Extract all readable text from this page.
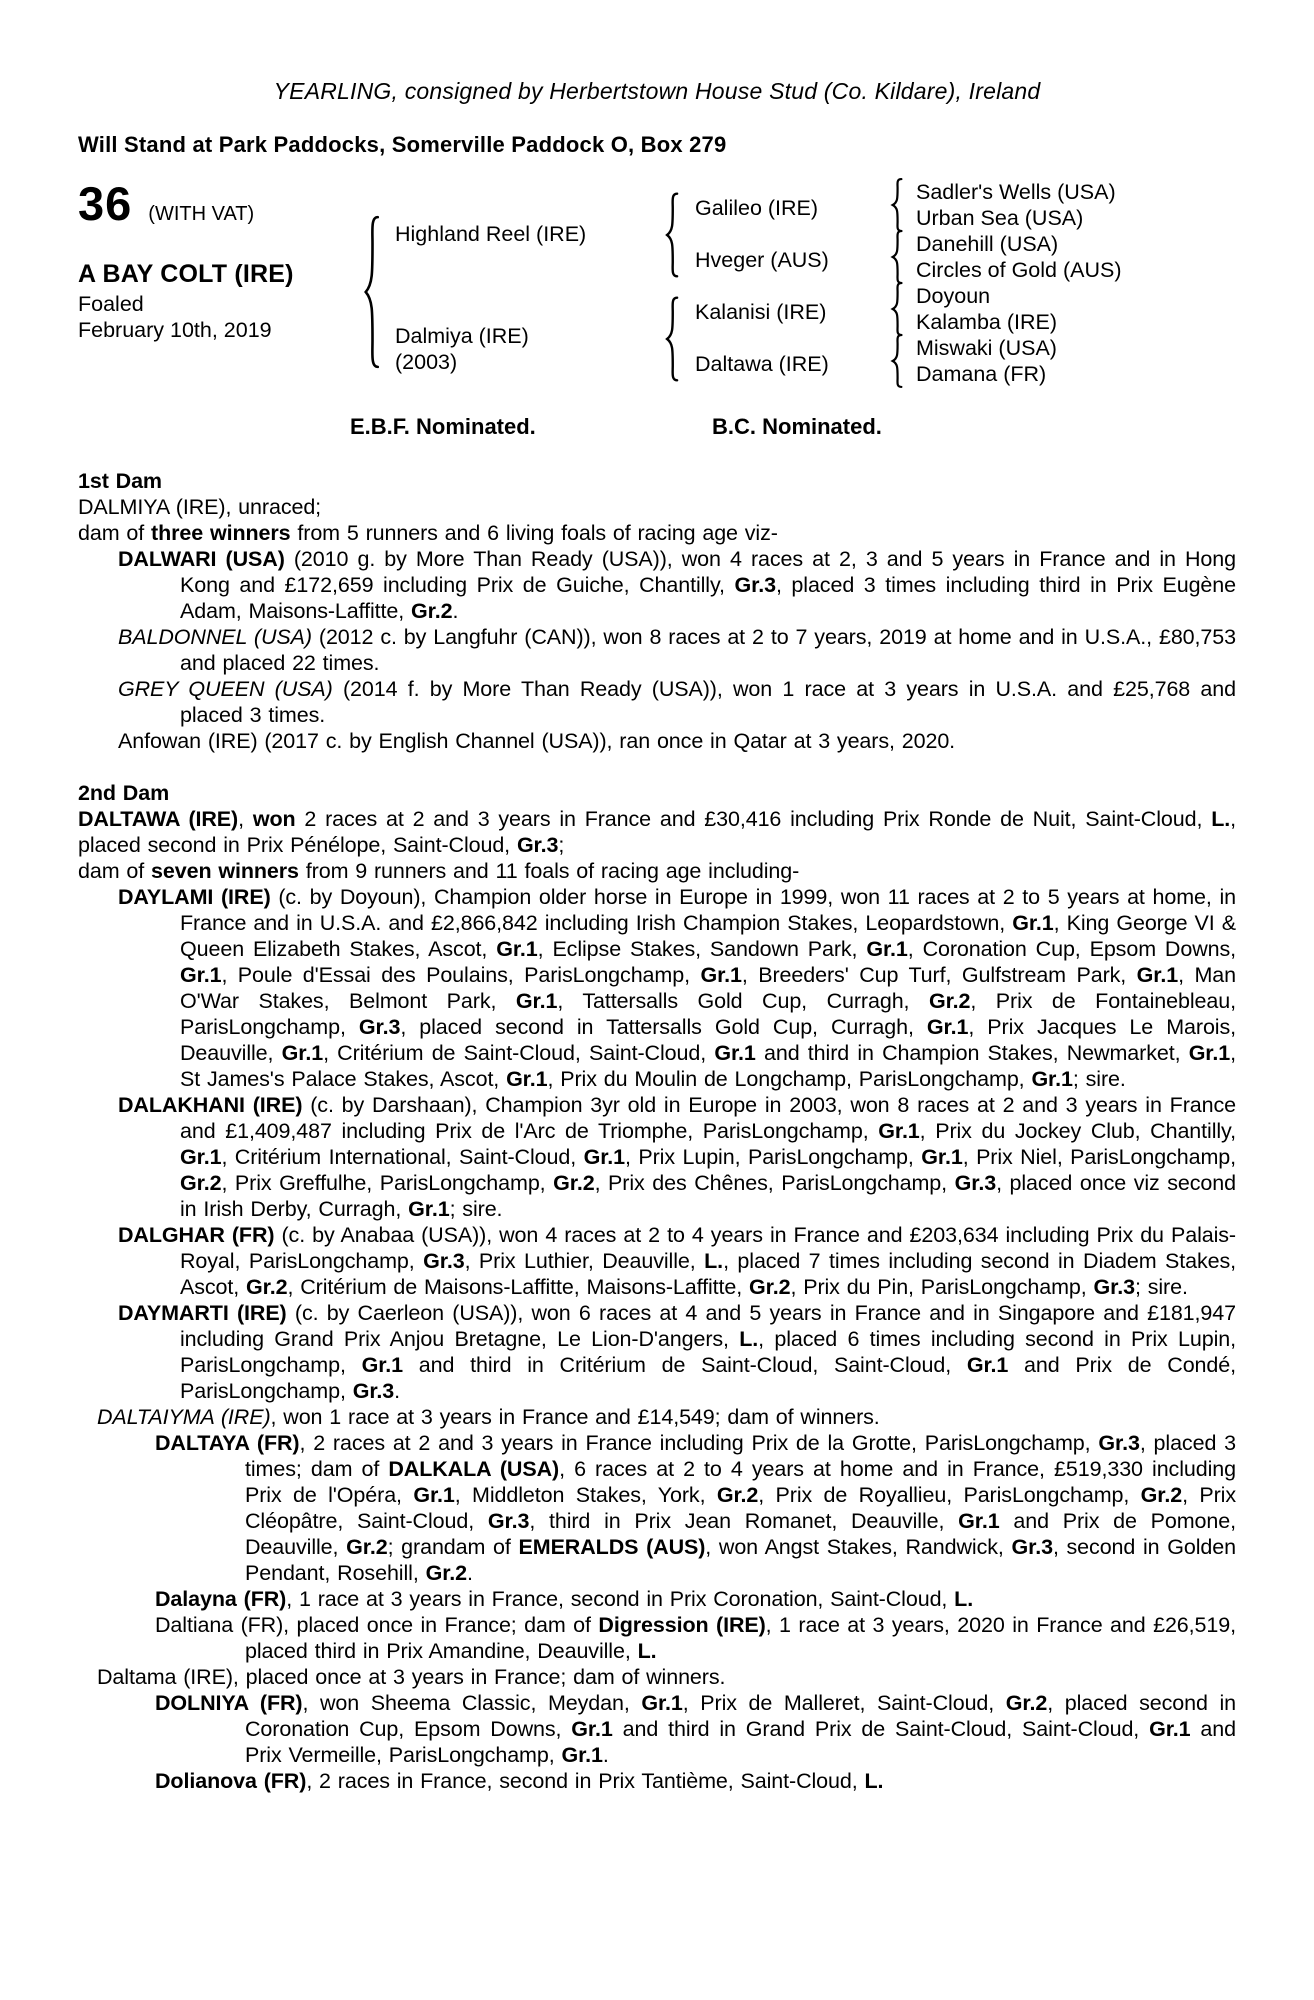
YEARLING, consigned by Herbertstown House Stud (Co. Kildare), Ireland
Will Stand at Park Paddocks, Somerville Paddock O, Box 279
36 (WITH VAT)
A BAY COLT (IRE)
Foaled
February 10th, 2019
Highland Reel (IRE)
Dalmiya (IRE)
(2003)
Galileo (IRE)
Hveger (AUS)
Kalanisi (IRE)
Daltawa (IRE)
Sadler's Wells (USA)
Urban Sea (USA)
Danehill (USA)
Circles of Gold (AUS)
Doyoun
Kalamba (IRE)
Miswaki (USA)
Damana (FR)
E.B.F. Nominated.	B.C. Nominated.

1st Dam

DALMIYA (IRE), unraced;

dam of three winners from 5 runners and 6 living foals of racing age viz-

DALWARI (USA) (2010 g. by More Than Ready (USA)), won 4 races at 2, 3 and 5 years in France and in Hong Kong and £172,659 including Prix de Guiche, Chantilly, Gr.3, placed 3 times including third in Prix Eugène Adam, Maisons-Laffitte, Gr.2.

BALDONNEL (USA) (2012 c. by Langfuhr (CAN)), won 8 races at 2 to 7 years, 2019 at home and in U.S.A., £80,753 and placed 22 times.

GREY QUEEN (USA) (2014 f. by More Than Ready (USA)), won 1 race at 3 years in U.S.A. and £25,768 and placed 3 times.

Anfowan (IRE) (2017 c. by English Channel (USA)), ran once in Qatar at 3 years, 2020.

2nd Dam

DALTAWA (IRE), won 2 races at 2 and 3 years in France and £30,416 including Prix Ronde de Nuit, Saint-Cloud, L., placed second in Prix Pénélope, Saint-Cloud, Gr.3;

dam of seven winners from 9 runners and 11 foals of racing age including-

DAYLAMI (IRE) (c. by Doyoun), Champion older horse in Europe in 1999, won 11 races at 2 to 5 years at home, in France and in U.S.A. and £2,866,842 including Irish Champion Stakes, Leopardstown, Gr.1, King George VI & Queen Elizabeth Stakes, Ascot, Gr.1, Eclipse Stakes, Sandown Park, Gr.1, Coronation Cup, Epsom Downs, Gr.1, Poule d'Essai des Poulains, ParisLongchamp, Gr.1, Breeders' Cup Turf, Gulfstream Park, Gr.1, Man O'War Stakes, Belmont Park, Gr.1, Tattersalls Gold Cup, Curragh, Gr.2, Prix de Fontainebleau, ParisLongchamp, Gr.3, placed second in Tattersalls Gold Cup, Curragh, Gr.1, Prix Jacques Le Marois, Deauville, Gr.1, Critérium de Saint-Cloud, Saint-Cloud, Gr.1 and third in Champion Stakes, Newmarket, Gr.1, St James's Palace Stakes, Ascot, Gr.1, Prix du Moulin de Longchamp, ParisLongchamp, Gr.1; sire.

DALAKHANI (IRE) (c. by Darshaan), Champion 3yr old in Europe in 2003, won 8 races at 2 and 3 years in France and £1,409,487 including Prix de l'Arc de Triomphe, ParisLongchamp, Gr.1, Prix du Jockey Club, Chantilly, Gr.1, Critérium International, Saint-Cloud, Gr.1, Prix Lupin, ParisLongchamp, Gr.1, Prix Niel, ParisLongchamp, Gr.2, Prix Greffulhe, ParisLongchamp, Gr.2, Prix des Chênes, ParisLongchamp, Gr.3, placed once viz second in Irish Derby, Curragh, Gr.1; sire.

DALGHAR (FR) (c. by Anabaa (USA)), won 4 races at 2 to 4 years in France and £203,634 including Prix du Palais-Royal, ParisLongchamp, Gr.3, Prix Luthier, Deauville, L., placed 7 times including second in Diadem Stakes, Ascot, Gr.2, Critérium de Maisons-Laffitte, Maisons-Laffitte, Gr.2, Prix du Pin, ParisLongchamp, Gr.3; sire.

DAYMARTI (IRE) (c. by Caerleon (USA)), won 6 races at 4 and 5 years in France and in Singapore and £181,947 including Grand Prix Anjou Bretagne, Le Lion-D'angers, L., placed 6 times including second in Prix Lupin, ParisLongchamp, Gr.1 and third in Critérium de Saint-Cloud, Saint-Cloud, Gr.1 and Prix de Condé, ParisLongchamp, Gr.3.

DALTAIYMA (IRE), won 1 race at 3 years in France and £14,549; dam of winners.

DALTAYA (FR), 2 races at 2 and 3 years in France including Prix de la Grotte, ParisLongchamp, Gr.3, placed 3 times; dam of DALKALA (USA), 6 races at 2 to 4 years at home and in France, £519,330 including Prix de l'Opéra, Gr.1, Middleton Stakes, York, Gr.2, Prix de Royallieu, ParisLongchamp, Gr.2, Prix Cléopâtre, Saint-Cloud, Gr.3, third in Prix Jean Romanet, Deauville, Gr.1 and Prix de Pomone, Deauville, Gr.2; grandam of EMERALDS (AUS), won Angst Stakes, Randwick, Gr.3, second in Golden Pendant, Rosehill, Gr.2.

Dalayna (FR), 1 race at 3 years in France, second in Prix Coronation, Saint-Cloud, L.

Daltiana (FR), placed once in France; dam of Digression (IRE), 1 race at 3 years, 2020 in France and £26,519, placed third in Prix Amandine, Deauville, L.

Daltama (IRE), placed once at 3 years in France; dam of winners.

DOLNIYA (FR), won Sheema Classic, Meydan, Gr.1, Prix de Malleret, Saint-Cloud, Gr.2, placed second in Coronation Cup, Epsom Downs, Gr.1 and third in Grand Prix de Saint-Cloud, Saint-Cloud, Gr.1 and Prix Vermeille, ParisLongchamp, Gr.1.

Dolianova (FR), 2 races in France, second in Prix Tantième, Saint-Cloud, L.
